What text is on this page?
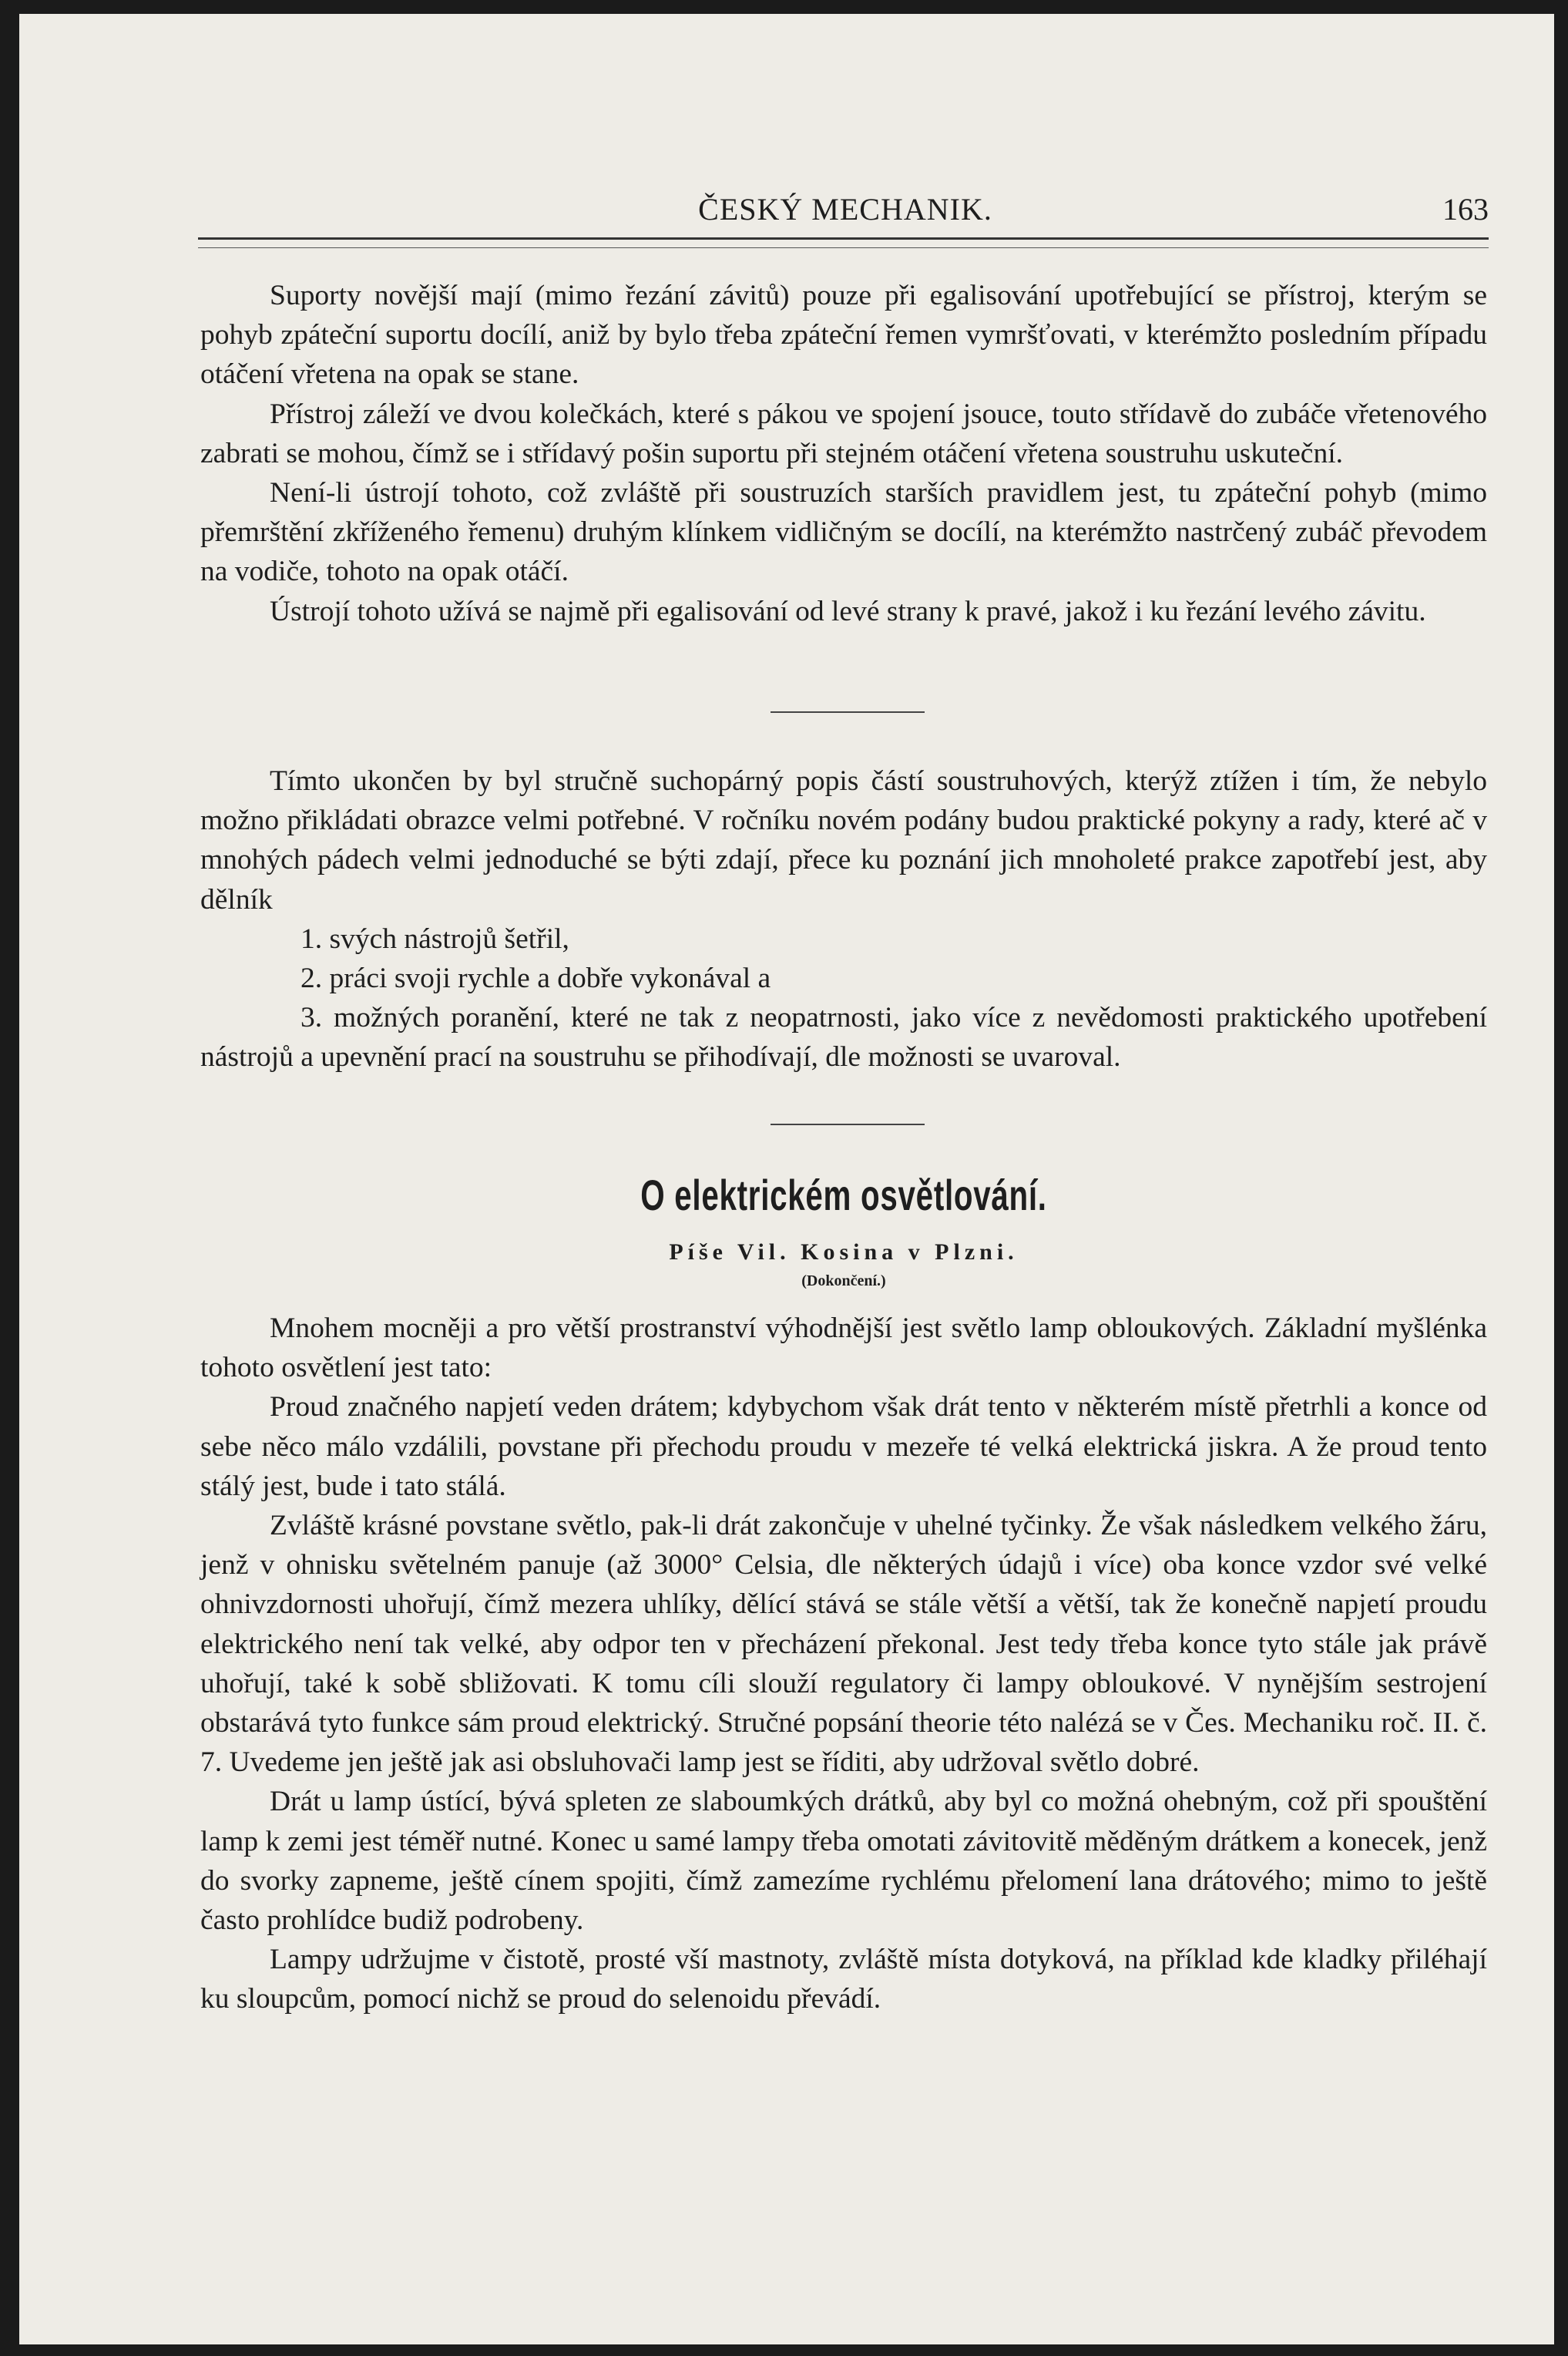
ČESKÝ MECHANIK.	163

Suporty novější mají (mimo řezání závitů) pouze při egalisování upotřebující se přístroj, kterým se pohyb zpáteční suportu docílí, aniž by bylo třeba zpáteční řemen vymršťovati, v kterémžto posledním případu otáčení vřetena na opak se stane.

Přístroj záleží ve dvou kolečkách, které s pákou ve spojení jsouce, touto střídavě do zubáče vřetenového zabrati se mohou, čímž se i střídavý pošin suportu při stejném otáčení vřetena soustruhu uskuteční.

Není-li ústrojí tohoto, což zvláště při soustruzích starších pravidlem jest, tu zpáteční pohyb (mimo přemrštění zkříženého řemenu) druhým klínkem vidličným se docílí, na kterémžto nastrčený zubáč převodem na vodiče, tohoto na opak otáčí.

Ústrojí tohoto užívá se najmě při egalisování od levé strany k pravé, jakož i ku řezání levého závitu.

Tímto ukončen by byl stručně suchopárný popis částí soustruhových, kterýž ztížen i tím, že nebylo možno přikládati obrazce velmi potřebné. V ročníku novém podány budou praktické pokyny a rady, které ač v mnohých pádech velmi jednoduché se býti zdají, přece ku poznání jich mnoholeté prakce zapotřebí jest, aby dělník

1. svých nástrojů šetřil,

2. práci svoji rychle a dobře vykonával a

3. možných poranění, které ne tak z neopatrnosti, jako více z nevědomosti praktického upotřebení nástrojů a upevnění prací na soustruhu se přihodívají, dle možnosti se uvaroval.

O elektrickém osvětlování.
Píše Vil. Kosina v Plzni.
(Dokončení.)

Mnohem mocněji a pro větší prostranství výhodnější jest světlo lamp obloukových. Základní myšlénka tohoto osvětlení jest tato:

Proud značného napjetí veden drátem; kdybychom však drát tento v některém místě přetrhli a konce od sebe něco málo vzdálili, povstane při přechodu proudu v mezeře té velká elektrická jiskra. A že proud tento stálý jest, bude i tato stálá.

Zvláště krásné povstane světlo, pak-li drát zakončuje v uhelné tyčinky. Že však následkem velkého žáru, jenž v ohnisku světelném panuje (až 3000° Celsia, dle některých údajů i více) oba konce vzdor své velké ohnivzdornosti uhořují, čímž mezera uhlíky, dělící stává se stále větší a větší, tak že konečně napjetí proudu elektrického není tak velké, aby odpor ten v přecházení překonal. Jest tedy třeba konce tyto stále jak právě uhořují, také k sobě sbližovati. K tomu cíli slouží regulatory či lampy obloukové. V nynějším sestrojení obstarává tyto funkce sám proud elektrický. Stručné popsání theorie této nalézá se v Čes. Mechaniku roč. II. č. 7. Uvedeme jen ještě jak asi obsluhovači lamp jest se říditi, aby udržoval světlo dobré.

Drát u lamp ústící, bývá spleten ze slaboumkých drátků, aby byl co možná ohebným, což při spouštění lamp k zemi jest téměř nutné. Konec u samé lampy třeba omotati závitovitě měděným drátkem a konecek, jenž do svorky zapneme, ještě cínem spojiti, čímž zamezíme rychlému přelomení lana drátového; mimo to ještě často prohlídce budiž podrobeny.

Lampy udržujme v čistotě, prosté vší mastnoty, zvláště místa dotyková, na příklad kde kladky přiléhají ku sloupcům, pomocí nichž se proud do selenoidu převádí.
